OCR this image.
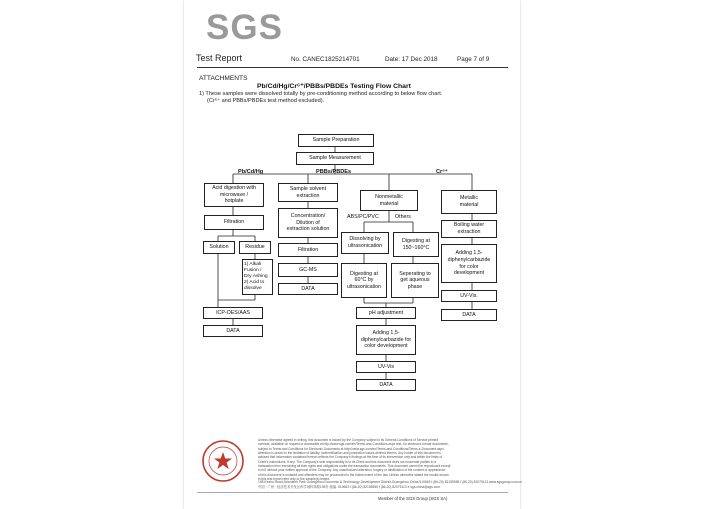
SGS
Test Report	No. CANEC1825214701	Date: 17 Dec 2018	Page 7 of 9
ATTACHMENTS
Pb/Cd/Hg/Cr⁶⁺/PBBs/PBDEs Testing Flow Chart
1) These samples were dissolved totally by pre-conditioning method according to below flow chart.
(Cr⁶⁺ and PBBs/PBDEs test method excluded).
Sample Preparation
Sample Measurement
Pb/Cd/Hg	PBBs/PBDEs	Cr⁶⁺
Acid digestion with
microwave /
hotplate
Filtration
Solution	Residue
1) Alkali Fusion /
Dry Ashing
2) Acid to
dissolve
ICP-OES/AAS
DATA
Sample solvent
extraction
Concentration/
Dilution of
extraction solution
Filtration
GC-MS
DATA
Nonmetallic
material
ABS/PC/PVC	Others
Dissolving by
ultrasonication
Digesting at
150~160°C
Digesting at
60°C by
ultrasonication
Seperating to
get aqueous
phase
pH adjustment
Adding 1,5-
diphenylcarbazide for
color development
UV-Vis
DATA
Metallic
material
Boiling water
extraction
Adding 1,5-
diphenylcarbazide for color
development
UV-Vis.
DATA
Unless otherwise agreed in writing, this document is issued by the Company subject to its General Conditions of Service printed
overleaf, available on request or accessible at http://www.sgs.com/en/Terms-and-Conditions.aspx and, for electronic format documents,
subject to Terms and Conditions for Electronic Documents at http://www.sgs.com/en/Terms-and-Conditions/Terms-e-Document.aspx.
Attention is drawn to the limitation of liability, indemnification and jurisdiction issues defined therein. Any holder of this document is
advised that information contained hereon reflects the Company's findings at the time of its intervention only and within the limits of
Client's instructions, if any. The Company's sole responsibility is to its Client and this document does not exonerate parties to a
transaction from exercising all their rights and obligations under the transaction documents. This document cannot be reproduced except
in full, without prior written approval of the Company. Any unauthorized alteration, forgery or falsification of the content or appearance
of this document is unlawful and offenders may be prosecuted to the fullest extent of the law. Unless otherwise stated the results shown
in this test report refer only to the sample(s) tested.
198 Kezhu Road,Scientech Park Guangzhou Economic & Technology Development District,Guangzhou,China 510663 t (86-20) 82155555 f (86-20) 82075113 www.sgsgroup.com.cn
中国 · 广州 · 经济技术开发区科学城科珠路198号 邮编: 510663 t (86-20) 82155555 f (86-20) 82075113 e sgs.china@sgs.com
Member of the SGS Group (SGS SA)
